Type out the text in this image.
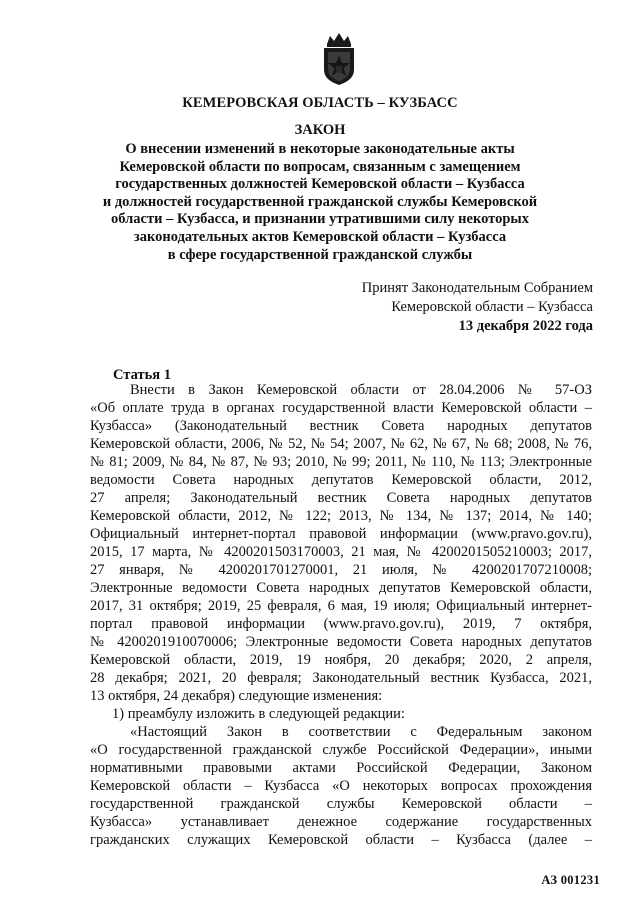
КЕМЕРОВСКАЯ ОБЛАСТЬ – КУЗБАСС
ЗАКОН
О внесении изменений в некоторые законодательные акты
Кемеровской области по вопросам, связанным с замещением
государственных должностей Кемеровской области – Кузбасса
и должностей государственной гражданской службы Кемеровской
области – Кузбасса, и признании утратившими силу некоторых
законодательных актов Кемеровской области – Кузбасса
в сфере государственной гражданской службы
Принят Законодательным Собранием
Кемеровской области – Кузбасса
13 декабря 2022 года
Статья 1
Внести в Закон Кемеровской области от 28.04.2006 № 57-ОЗ
«Об оплате труда в органах государственной власти Кемеровской области –
Кузбасса» (Законодательный вестник Совета народных депутатов
Кемеровской области, 2006, № 52, № 54; 2007, № 62, № 67, № 68; 2008, № 76,
№ 81; 2009, № 84, № 87, № 93; 2010, № 99; 2011, № 110, № 113; Электронные
ведомости Совета народных депутатов Кемеровской области, 2012,
27 апреля; Законодательный вестник Совета народных депутатов
Кемеровской области, 2012, № 122; 2013, № 134, № 137; 2014, № 140;
Официальный интернет-портал правовой информации (www.pravo.gov.ru),
2015, 17 марта, № 4200201503170003, 21 мая, № 4200201505210003; 2017,
27 января, № 4200201701270001, 21 июля, № 4200201707210008;
Электронные ведомости Совета народных депутатов Кемеровской области,
2017, 31 октября; 2019, 25 февраля, 6 мая, 19 июля; Официальный интернет-
портал правовой информации (www.pravo.gov.ru), 2019, 7 октября,
№ 4200201910070006; Электронные ведомости Совета народных депутатов
Кемеровской области, 2019, 19 ноября, 20 декабря; 2020, 2 апреля,
28 декабря; 2021, 20 февраля; Законодательный вестник Кузбасса, 2021,
13 октября, 24 декабря) следующие изменения:
1) преамбулу изложить в следующей редакции:
«Настоящий Закон в соответствии с Федеральным законом
«О государственной гражданской службе Российской Федерации», иными
нормативными правовыми актами Российской Федерации, Законом
Кемеровской области – Кузбасса «О некоторых вопросах прохождения
государственной гражданской службы Кемеровской области –
Кузбасса» устанавливает денежное содержание государственных
гражданских служащих Кемеровской области – Кузбасса (далее –
АЗ 001231
